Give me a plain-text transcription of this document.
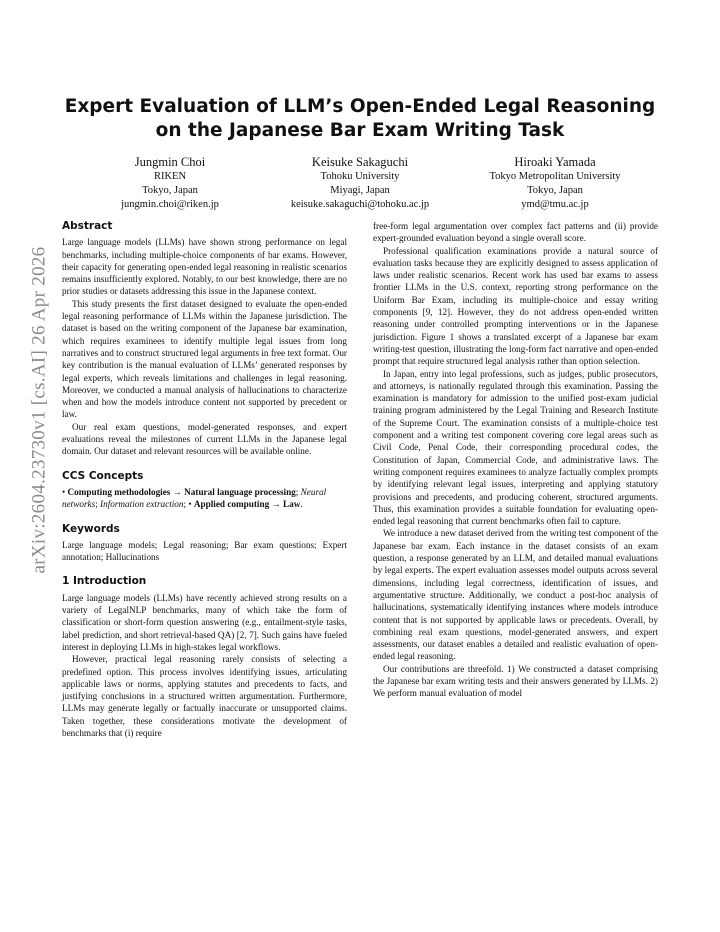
arXiv:2604.23730v1 [cs.AI] 26 Apr 2026
Expert Evaluation of LLM’s Open-Ended Legal Reasoning
on the Japanese Bar Exam Writing Task
Jungmin Choi
RIKEN
Tokyo, Japan
jungmin.choi@riken.jp
Keisuke Sakaguchi
Tohoku University
Miyagi, Japan
keisuke.sakaguchi@tohoku.ac.jp
Hiroaki Yamada
Tokyo Metropolitan University
Tokyo, Japan
ymd@tmu.ac.jp
Abstract

Large language models (LLMs) have shown strong performance on legal benchmarks, including multiple-choice components of bar exams. However, their capacity for generating open-ended legal reasoning in realistic scenarios remains insufficiently explored. Notably, to our best knowledge, there are no prior studies or datasets addressing this issue in the Japanese context.

This study presents the first dataset designed to evaluate the open-ended legal reasoning performance of LLMs within the Japanese jurisdiction. The dataset is based on the writing component of the Japanese bar examination, which requires examinees to identify multiple legal issues from long narratives and to construct structured legal arguments in free text format. Our key contribution is the manual evaluation of LLMs’ generated responses by legal experts, which reveals limitations and challenges in legal reasoning. Moreover, we conducted a manual analysis of hallucinations to characterize when and how the models introduce content not supported by precedent or law.

Our real exam questions, model-generated responses, and expert evaluations reveal the milestones of current LLMs in the Japanese legal domain. Our dataset and relevant resources will be available online.

CCS Concepts

• Computing methodologies → Natural language processing; Neural networks; Information extraction; • Applied computing → Law.

Keywords

Large language models; Legal reasoning; Bar exam questions; Expert annotation; Hallucinations

1 Introduction

Large language models (LLMs) have recently achieved strong results on a variety of LegalNLP benchmarks, many of which take the form of classification or short-form question answering (e.g., entailment-style tasks, label prediction, and short retrieval-based QA) [2, 7]. Such gains have fueled interest in deploying LLMs in high-stakes legal workflows.

However, practical legal reasoning rarely consists of selecting a predefined option. This process involves identifying issues, articulating applicable laws or norms, applying statutes and precedents to facts, and justifying conclusions in a structured written argumentation. Furthermore, LLMs may generate legally or factually inaccurate or unsupported claims. Taken together, these considerations motivate the development of benchmarks that (i) require

free-form legal argumentation over complex fact patterns and (ii) provide expert-grounded evaluation beyond a single overall score.

Professional qualification examinations provide a natural source of evaluation tasks because they are explicitly designed to assess application of laws under realistic scenarios. Recent work has used bar exams to assess frontier LLMs in the U.S. context, reporting strong performance on the Uniform Bar Exam, including its multiple-choice and essay writing components [9, 12]. However, they do not address open-ended written reasoning under controlled prompting interventions or in the Japanese jurisdiction. Figure 1 shows a translated excerpt of a Japanese bar exam writing-test question, illustrating the long-form fact narrative and open-ended prompt that require structured legal analysis rather than option selection.

In Japan, entry into legal professions, such as judges, public prosecutors, and attorneys, is nationally regulated through this examination. Passing the examination is mandatory for admission to the unified post-exam judicial training program administered by the Legal Training and Research Institute of the Supreme Court. The examination consists of a multiple-choice test component and a writing test component covering core legal areas such as Civil Code, Penal Code, their corresponding procedural codes, the Constitution of Japan, Commercial Code, and administrative laws. The writing component requires examinees to analyze factually complex prompts by identifying relevant legal issues, interpreting and applying statutory provisions and precedents, and producing coherent, structured arguments. Thus, this examination provides a suitable foundation for evaluating open-ended legal reasoning that current benchmarks often fail to capture.

We introduce a new dataset derived from the writing test component of the Japanese bar exam. Each instance in the dataset consists of an exam question, a response generated by an LLM, and detailed manual evaluations by legal experts. The expert evaluation assesses model outputs across several dimensions, including legal correctness, identification of issues, and argumentative structure. Additionally, we conduct a post-hoc analysis of hallucinations, systematically identifying instances where models introduce content that is not supported by applicable laws or precedents. Overall, by combining real exam questions, model-generated answers, and expert assessments, our dataset enables a detailed and realistic evaluation of open-ended legal reasoning.

Our contributions are threefold. 1) We constructed a dataset comprising the Japanese bar exam writing tests and their answers generated by LLMs. 2) We perform manual evaluation of model
